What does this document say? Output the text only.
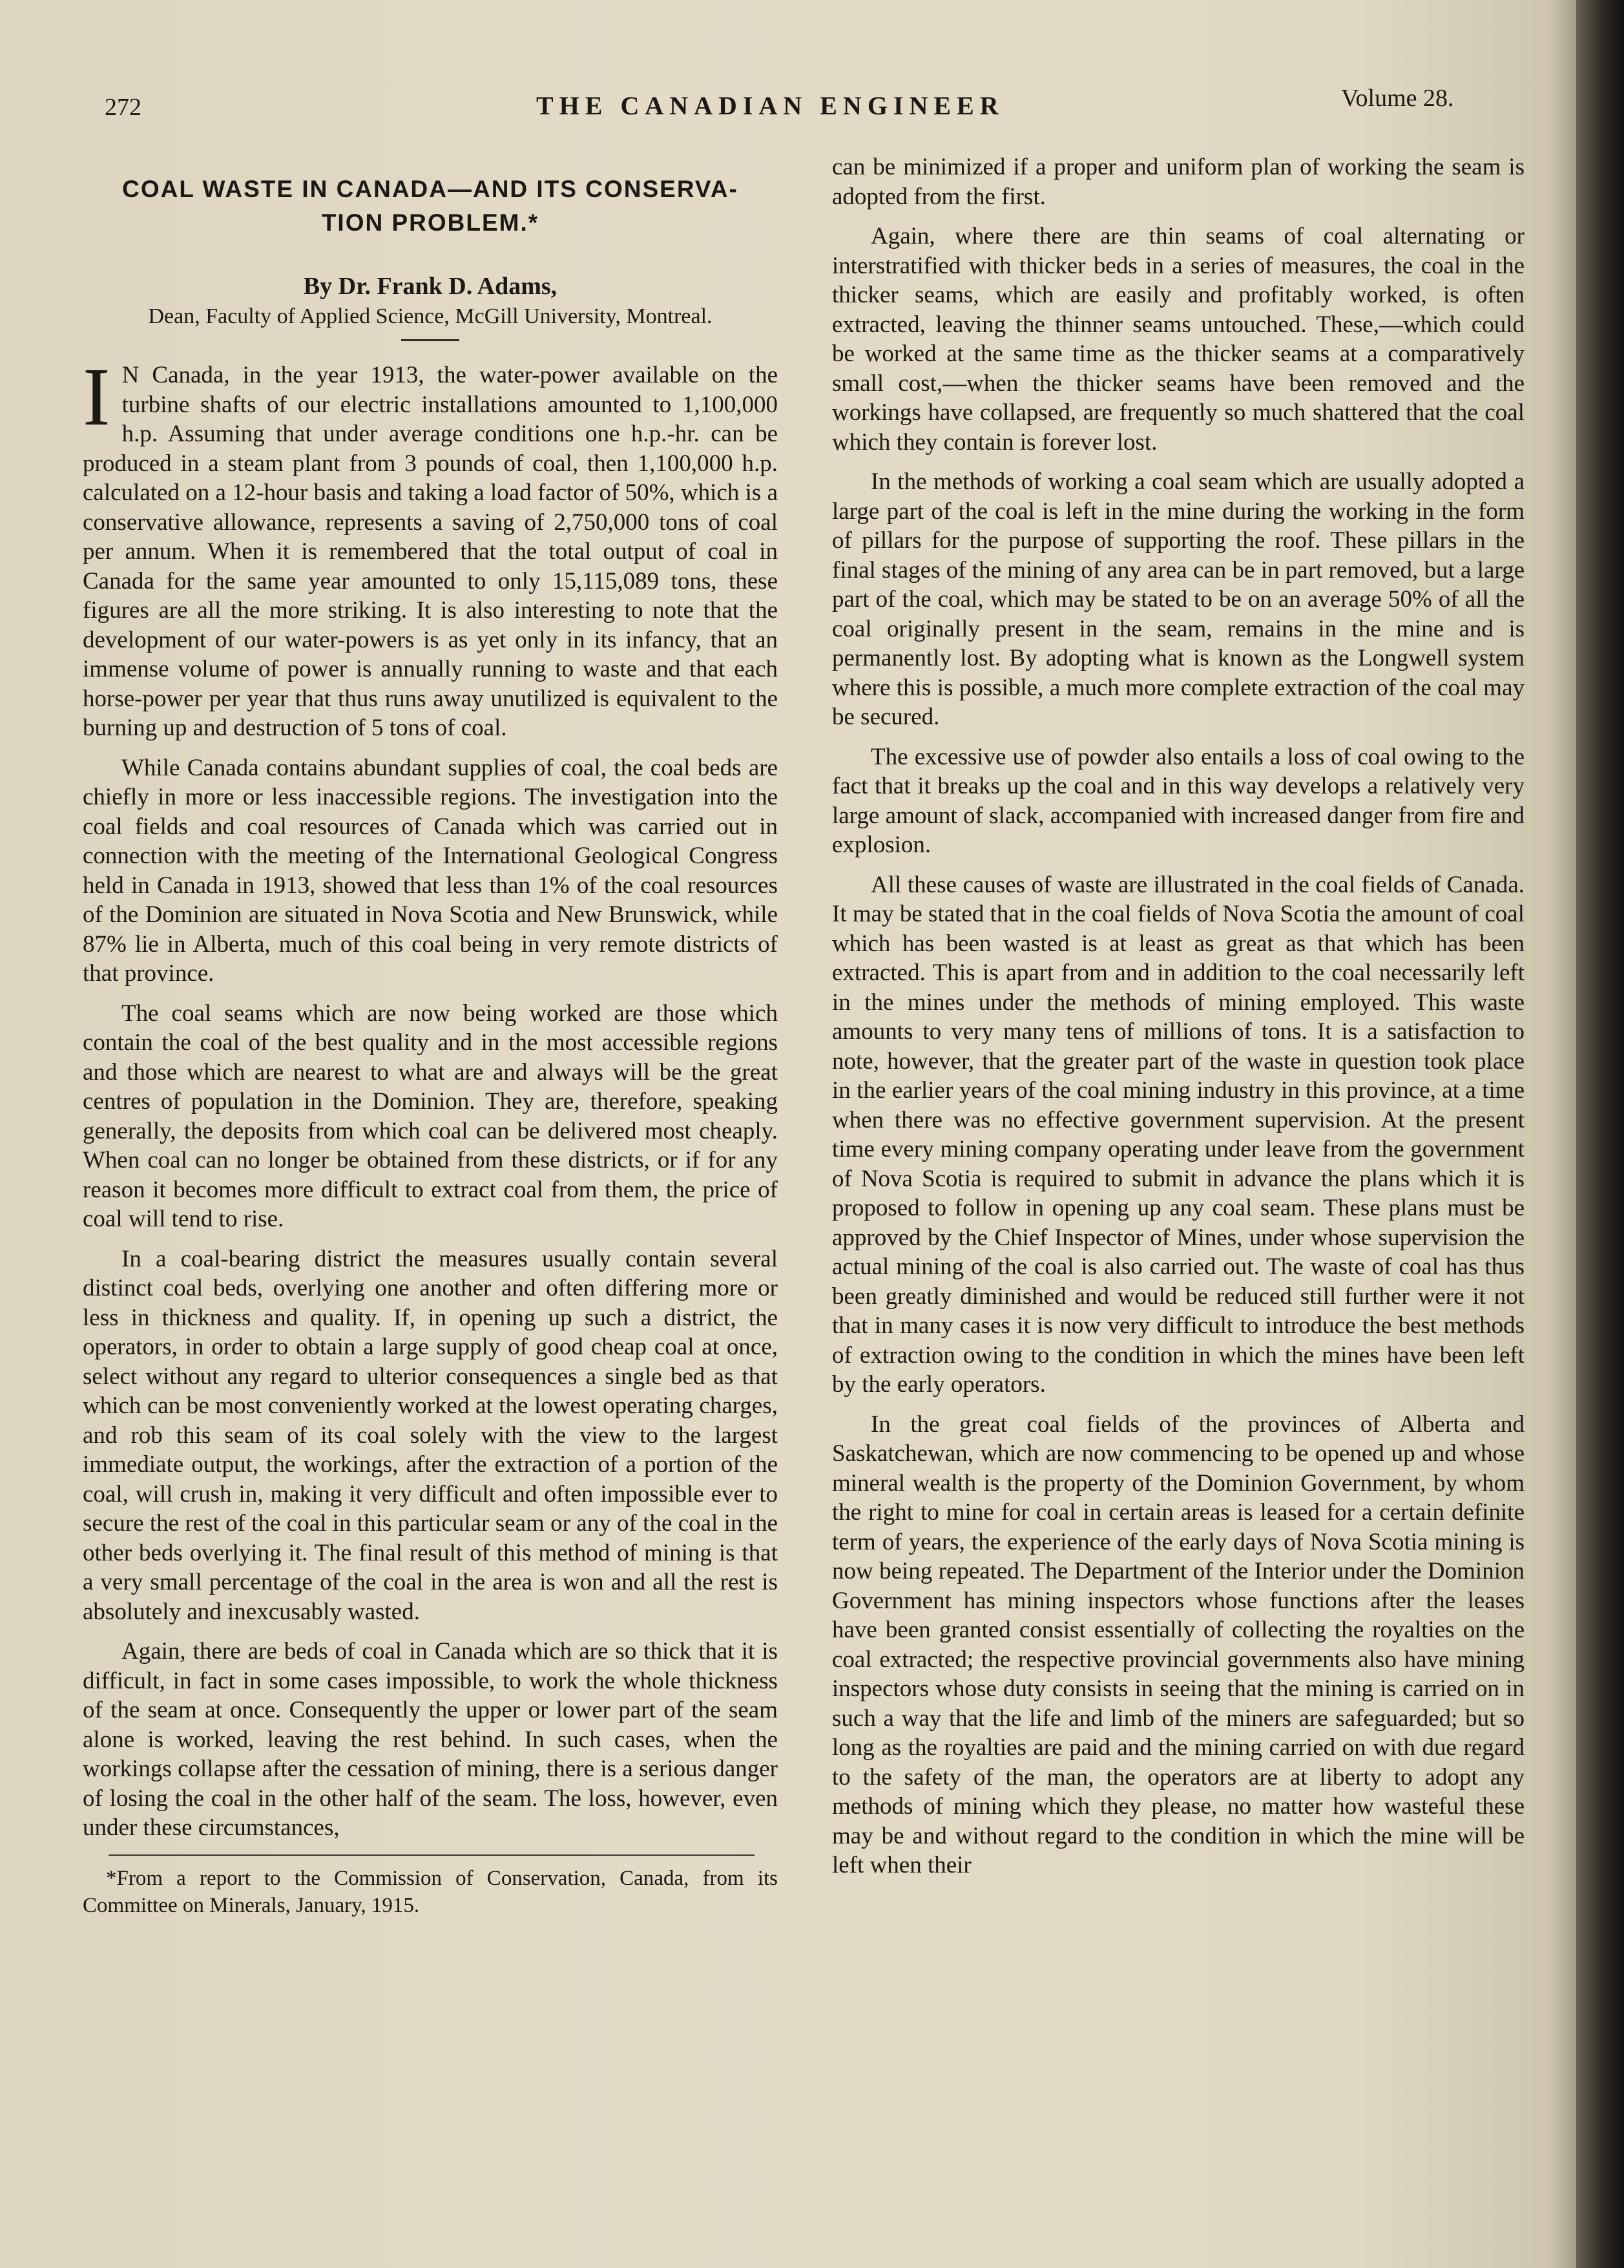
272	THE CANADIAN ENGINEER	Volume 28.
COAL WASTE IN CANADA—AND ITS CONSERVA-
TION PROBLEM.*
By Dr. Frank D. Adams,
Dean, Faculty of Applied Science, McGill University, Montreal.

I N Canada, in the year 1913, the water-power available on the turbine shafts of our electric installations amounted to 1,100,000 h.p. Assuming that under average conditions one h.p.-hr. can be produced in a steam plant from 3 pounds of coal, then 1,100,000 h.p. calculated on a 12-hour basis and taking a load factor of 50%, which is a conservative allowance, represents a saving of 2,750,000 tons of coal per annum. When it is remembered that the total output of coal in Canada for the same year amounted to only 15,115,089 tons, these figures are all the more striking. It is also interesting to note that the development of our water-powers is as yet only in its infancy, that an immense volume of power is annually running to waste and that each horse-power per year that thus runs away unutilized is equivalent to the burning up and destruction of 5 tons of coal.

While Canada contains abundant supplies of coal, the coal beds are chiefly in more or less inaccessible regions. The investigation into the coal fields and coal resources of Canada which was carried out in connection with the meeting of the International Geological Congress held in Canada in 1913, showed that less than 1% of the coal resources of the Dominion are situated in Nova Scotia and New Brunswick, while 87% lie in Alberta, much of this coal being in very remote districts of that province.

The coal seams which are now being worked are those which contain the coal of the best quality and in the most accessible regions and those which are nearest to what are and always will be the great centres of population in the Dominion. They are, therefore, speaking generally, the deposits from which coal can be delivered most cheaply. When coal can no longer be obtained from these districts, or if for any reason it becomes more difficult to extract coal from them, the price of coal will tend to rise.

In a coal-bearing district the measures usually contain several distinct coal beds, overlying one another and often differing more or less in thickness and quality. If, in opening up such a district, the operators, in order to obtain a large supply of good cheap coal at once, select without any regard to ulterior consequences a single bed as that which can be most conveniently worked at the lowest operating charges, and rob this seam of its coal solely with the view to the largest immediate output, the workings, after the extraction of a portion of the coal, will crush in, making it very difficult and often impossible ever to secure the rest of the coal in this particular seam or any of the coal in the other beds overlying it. The final result of this method of mining is that a very small percentage of the coal in the area is won and all the rest is absolutely and inexcusably wasted.

Again, there are beds of coal in Canada which are so thick that it is difficult, in fact in some cases impossible, to work the whole thickness of the seam at once. Consequently the upper or lower part of the seam alone is worked, leaving the rest behind. In such cases, when the workings collapse after the cessation of mining, there is a serious danger of losing the coal in the other half of the seam. The loss, however, even under these circumstances,

*From a report to the Commission of Conservation, Canada, from its Committee on Minerals, January, 1915.

can be minimized if a proper and uniform plan of working the seam is adopted from the first.

Again, where there are thin seams of coal alternating or interstratified with thicker beds in a series of measures, the coal in the thicker seams, which are easily and profitably worked, is often extracted, leaving the thinner seams untouched. These,—which could be worked at the same time as the thicker seams at a comparatively small cost,—when the thicker seams have been removed and the workings have collapsed, are frequently so much shattered that the coal which they contain is forever lost.

In the methods of working a coal seam which are usually adopted a large part of the coal is left in the mine during the working in the form of pillars for the purpose of supporting the roof. These pillars in the final stages of the mining of any area can be in part removed, but a large part of the coal, which may be stated to be on an average 50% of all the coal originally present in the seam, remains in the mine and is permanently lost. By adopting what is known as the Longwell system where this is possible, a much more complete extraction of the coal may be secured.

The excessive use of powder also entails a loss of coal owing to the fact that it breaks up the coal and in this way develops a relatively very large amount of slack, accompanied with increased danger from fire and explosion.

All these causes of waste are illustrated in the coal fields of Canada. It may be stated that in the coal fields of Nova Scotia the amount of coal which has been wasted is at least as great as that which has been extracted. This is apart from and in addition to the coal necessarily left in the mines under the methods of mining employed. This waste amounts to very many tens of millions of tons. It is a satisfaction to note, however, that the greater part of the waste in question took place in the earlier years of the coal mining industry in this province, at a time when there was no effective government supervision. At the present time every mining company operating under leave from the government of Nova Scotia is required to submit in advance the plans which it is proposed to follow in opening up any coal seam. These plans must be approved by the Chief Inspector of Mines, under whose supervision the actual mining of the coal is also carried out. The waste of coal has thus been greatly diminished and would be reduced still further were it not that in many cases it is now very difficult to introduce the best methods of extraction owing to the condition in which the mines have been left by the early operators.

In the great coal fields of the provinces of Alberta and Saskatchewan, which are now commencing to be opened up and whose mineral wealth is the property of the Dominion Government, by whom the right to mine for coal in certain areas is leased for a certain definite term of years, the experience of the early days of Nova Scotia mining is now being repeated. The Department of the Interior under the Dominion Government has mining inspectors whose functions after the leases have been granted consist essentially of collecting the royalties on the coal extracted; the respective provincial governments also have mining inspectors whose duty consists in seeing that the mining is carried on in such a way that the life and limb of the miners are safeguarded; but so long as the royalties are paid and the mining carried on with due regard to the safety of the man, the operators are at liberty to adopt any methods of mining which they please, no matter how wasteful these may be and without regard to the condition in which the mine will be left when their
